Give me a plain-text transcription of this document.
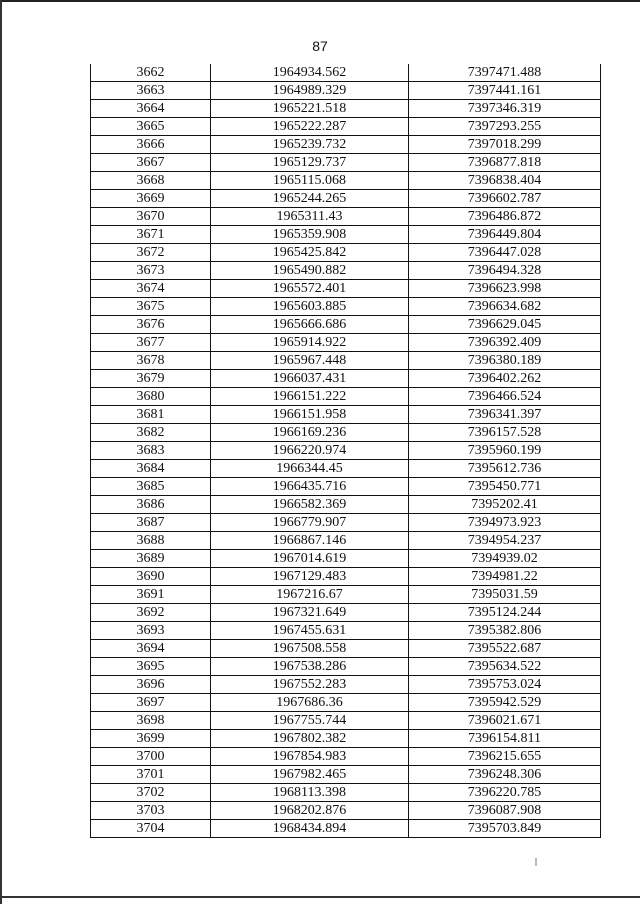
87
3662	1964934.562	7397471.488
3663	1964989.329	7397441.161
3664	1965221.518	7397346.319
3665	1965222.287	7397293.255
3666	1965239.732	7397018.299
3667	1965129.737	7396877.818
3668	1965115.068	7396838.404
3669	1965244.265	7396602.787
3670	1965311.43	7396486.872
3671	1965359.908	7396449.804
3672	1965425.842	7396447.028
3673	1965490.882	7396494.328
3674	1965572.401	7396623.998
3675	1965603.885	7396634.682
3676	1965666.686	7396629.045
3677	1965914.922	7396392.409
3678	1965967.448	7396380.189
3679	1966037.431	7396402.262
3680	1966151.222	7396466.524
3681	1966151.958	7396341.397
3682	1966169.236	7396157.528
3683	1966220.974	7395960.199
3684	1966344.45	7395612.736
3685	1966435.716	7395450.771
3686	1966582.369	7395202.41
3687	1966779.907	7394973.923
3688	1966867.146	7394954.237
3689	1967014.619	7394939.02
3690	1967129.483	7394981.22
3691	1967216.67	7395031.59
3692	1967321.649	7395124.244
3693	1967455.631	7395382.806
3694	1967508.558	7395522.687
3695	1967538.286	7395634.522
3696	1967552.283	7395753.024
3697	1967686.36	7395942.529
3698	1967755.744	7396021.671
3699	1967802.382	7396154.811
3700	1967854.983	7396215.655
3701	1967982.465	7396248.306
3702	1968113.398	7396220.785
3703	1968202.876	7396087.908
3704	1968434.894	7395703.849
